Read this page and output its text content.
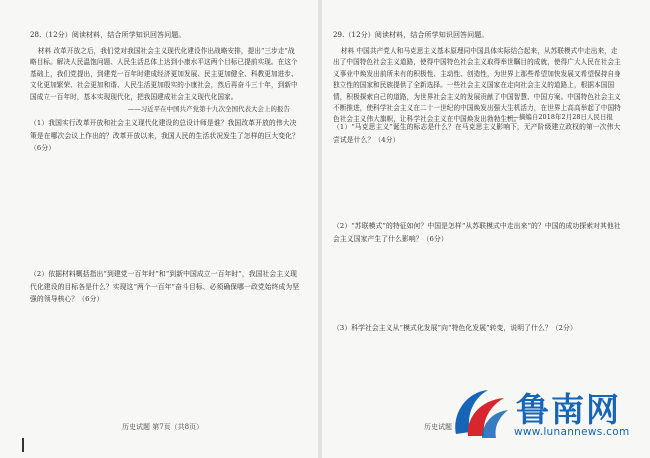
28.（12分）阅读材料，结合所学知识回答问题。
材料 改革开放之后，我们党对我国社会主义现代化建设作出战略安排，提出“三步走”战略目标。解决人民温饱问题、人民生活总体上达到小康水平这两个目标已提前实现。在这个基础上，我们党提出，到建党一百年时建成经济更加发展、民主更加健全、科教更加进步、文化更加繁荣、社会更加和谐、人民生活更加殷实的小康社会，然后再奋斗三十年，到新中国成立一百年时，基本实现现代化，把我国建成社会主义现代化国家。
——习近平在中国共产党第十九次全国代表大会上的报告
（1）我国实行改革开放和社会主义现代化建设的总设计师是谁？我国改革开放的伟大决策是在哪次会议上作出的？改革开放以来，我国人民的生活状况发生了怎样的巨大变化？（6分）
（2）依据材料概括指出“到建党一百年时”和“到新中国成立一百年时”，我国社会主义现代化建设的目标各是什么？实现这“两个一百年”奋斗目标、必须确保哪一政党始终成为坚强的领导核心？（6分）
历史试题 第7页（共8页）
29.（12分）阅读材料，结合所学知识回答问题。
材料 中国共产党人和马克思主义基本原理同中国具体实际结合起来，从苏联模式中走出来，走出了中国特色社会主义道路，使得中国特色社会主义取得举世瞩目的成就，使得广大人民在社会主义事业中焕发出前所未有的积极性、主动性、创造性，为世界上那些希望加快发展又希望保持自身独立性的国家和民族提供了全新选择。一些社会主义国家在走向社会主义的道路上，根据本国国情，积极探索自己的道路，为世界社会主义的发展贡献了中国智慧、中国方案。中国特色社会主义不断推进，使科学社会主义在二十一世纪的中国焕发出强大生机活力，在世界上高高举起了中国特色社会主义伟大旗帜，让科学社会主义在中国焕发出勃勃生机。
——摘编自2018年2月28日人民日报
（1）“马克思主义”诞生的标志是什么？在马克思主义影响下，无产阶级建立政权的第一次伟大尝试是什么？（4分）
（2）“苏联模式”的特征如何？中国是怎样“从苏联模式中走出来”的？中国的成功探索对其他社会主义国家产生了什么影响？（6分）
（3）科学社会主义从“模式化发展”向“特色化发展”转变，说明了什么？（2分）
历史试题 鲁南网
www.lunannews.com
